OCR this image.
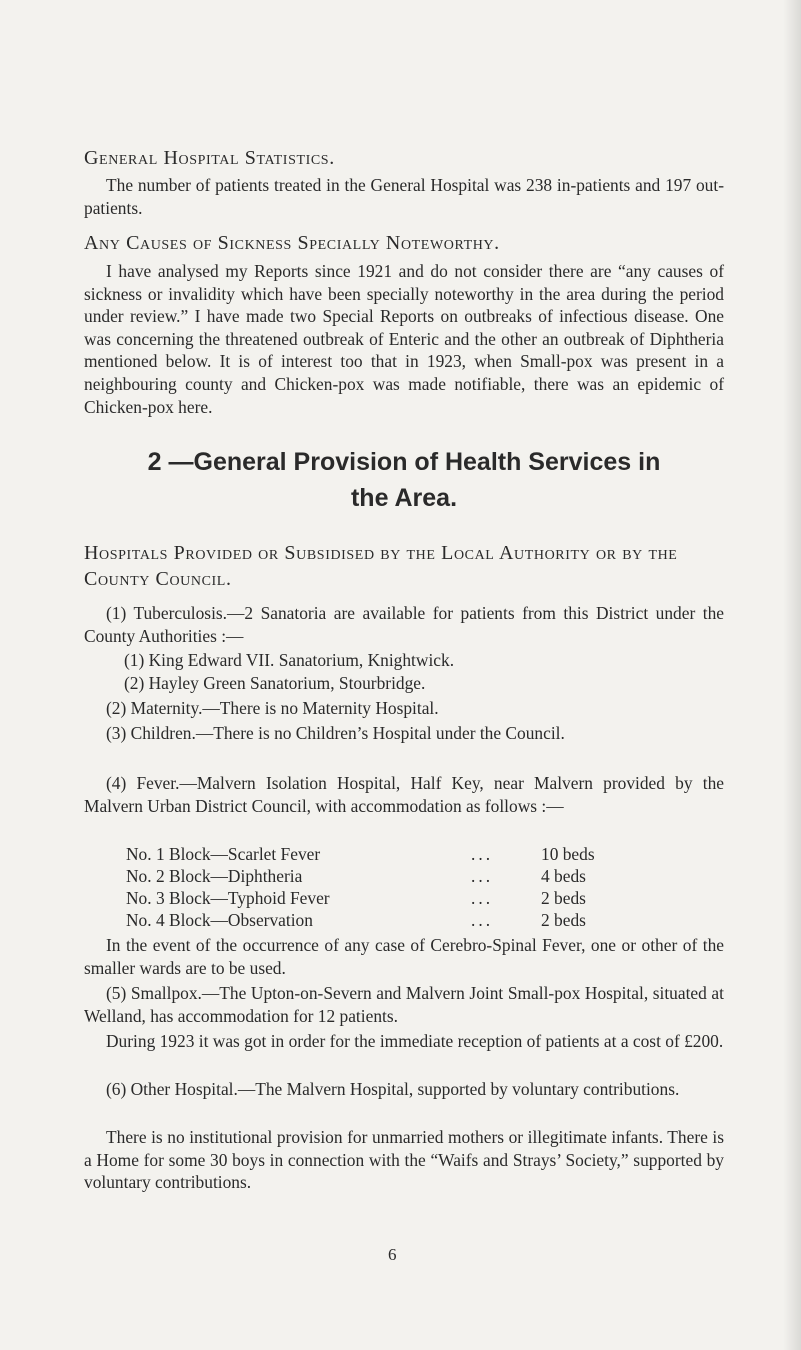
General Hospital Statistics.

The number of patients treated in the General Hospital was 238 in-patients and 197 out-patients.

Any Causes of Sickness Specially Noteworthy.

I have analysed my Reports since 1921 and do not consider there are “any causes of sickness or invalidity which have been specially noteworthy in the area during the period under review.” I have made two Special Reports on outbreaks of infectious disease. One was concerning the threatened outbreak of Enteric and the other an outbreak of Diphtheria mentioned below. It is of interest too that in 1923, when Small-pox was present in a neighbouring county and Chicken-pox was made notifiable, there was an epidemic of Chicken-pox here.

2 —General Provision of Health Services in
the Area.

Hospitals Provided or Subsidised by the Local Authority or by the County Council.

(1) Tuberculosis.—2 Sanatoria are available for patients from this District under the County Authorities :—

(1) King Edward VII. Sanatorium, Knightwick.

(2) Hayley Green Sanatorium, Stourbridge.

(2) Maternity.—There is no Maternity Hospital.

(3) Children.—There is no Children’s Hospital under the Council.

(4) Fever.—Malvern Isolation Hospital, Half Key, near Malvern provided by the Malvern Urban District Council, with accommodation as follows :—

No. 1 Block—Scarlet Fever	...	10 beds
No. 2 Block—Diphtheria	...	4 beds
No. 3 Block—Typhoid Fever	...	2 beds
No. 4 Block—Observation	...	2 beds

In the event of the occurrence of any case of Cerebro-Spinal Fever, one or other of the smaller wards are to be used.

(5) Smallpox.—The Upton-on-Severn and Malvern Joint Small-pox Hospital, situated at Welland, has accommodation for 12 patients.

During 1923 it was got in order for the immediate reception of patients at a cost of £200.

(6) Other Hospital.—The Malvern Hospital, supported by voluntary contributions.

There is no institutional provision for unmarried mothers or illegitimate infants. There is a Home for some 30 boys in connection with the “Waifs and Strays’ Society,” supported by voluntary contributions.

6
